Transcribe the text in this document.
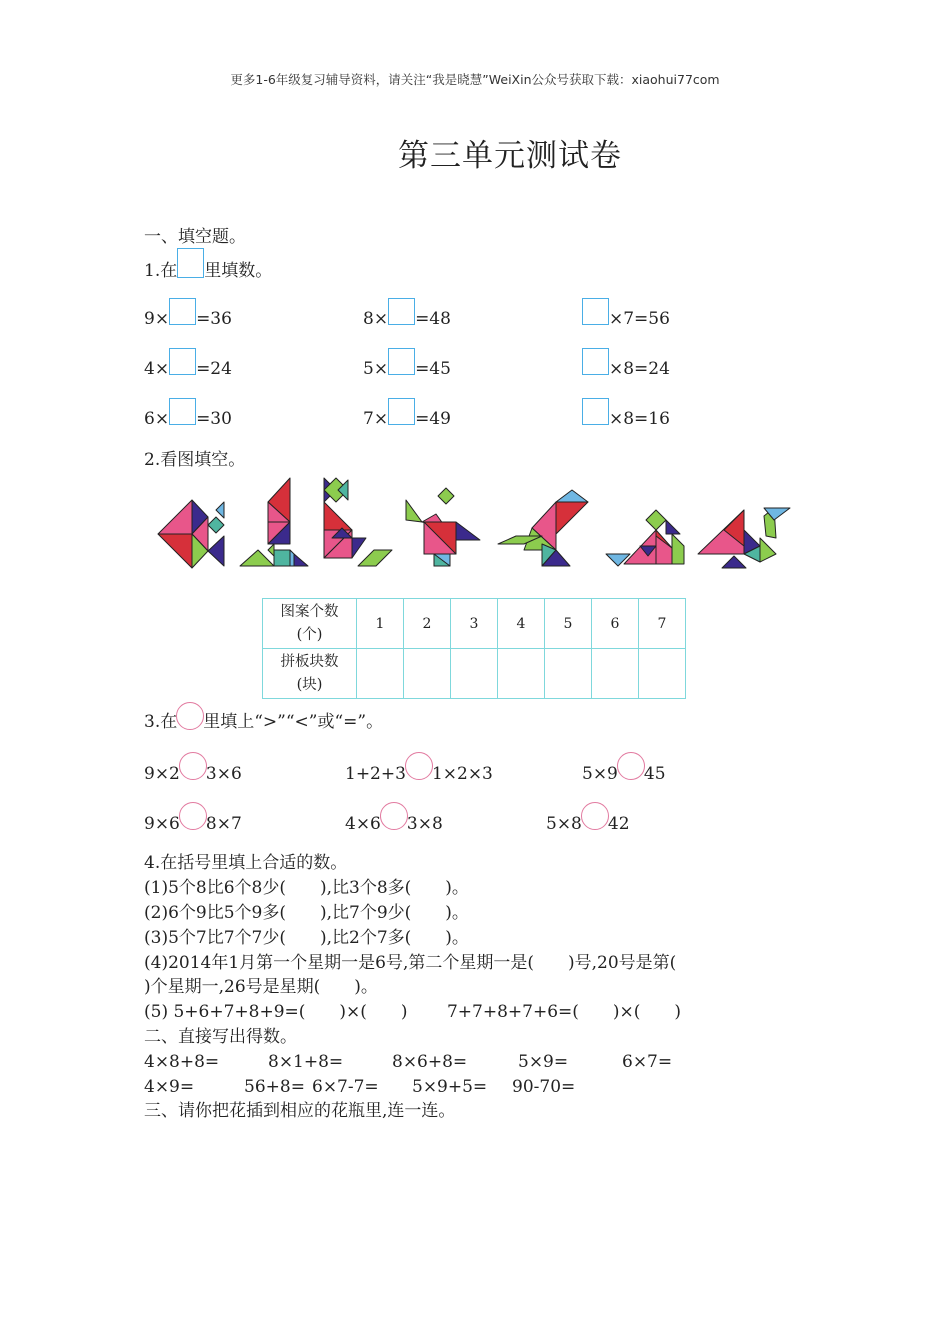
更多1-6年级复习辅导资料，请关注“我是晓慧”WeiXin公众号获取下载：xiaohui77com
第三单元测试卷
一、填空题。
1.在 里填数。
9× =36	8× =48	×7=56
4× =24	5× =45	×8=24
6× =30	7× =49	×8=16
2.看图填空。
图案个数
(个)	1	2	3	4	5	6	7
拼板块数
(块)							
3.在 里填上“>”“<”或“=”。
9×2 3×6	1+2+3 1×2×3	5×9 45
9×6 8×7	4×6 3×8	5×8 42
4.在括号里填上合适的数。
(1)5个8比6个8少(　　),比3个8多(　　)。
(2)6个9比5个9多(　　),比7个9少(　　)。
(3)5个7比7个7少(　　),比2个7多(　　)。
(4)2014年1月第一个星期一是6号,第二个星期一是(　　)号,20号是第(
)个星期一,26号是星期(　　)。
(5) 5+6+7+8+9=(　　)×(　　)　　 7+7+8+7+6=(　　)×(　　)
二、直接写出得数。
4×8+8=	8×1+8=	8×6+8=	5×9=	6×7=
4×9=	56+8= 6×7-7= 5×9+5= 90-70=
三、请你把花插到相应的花瓶里,连一连。
